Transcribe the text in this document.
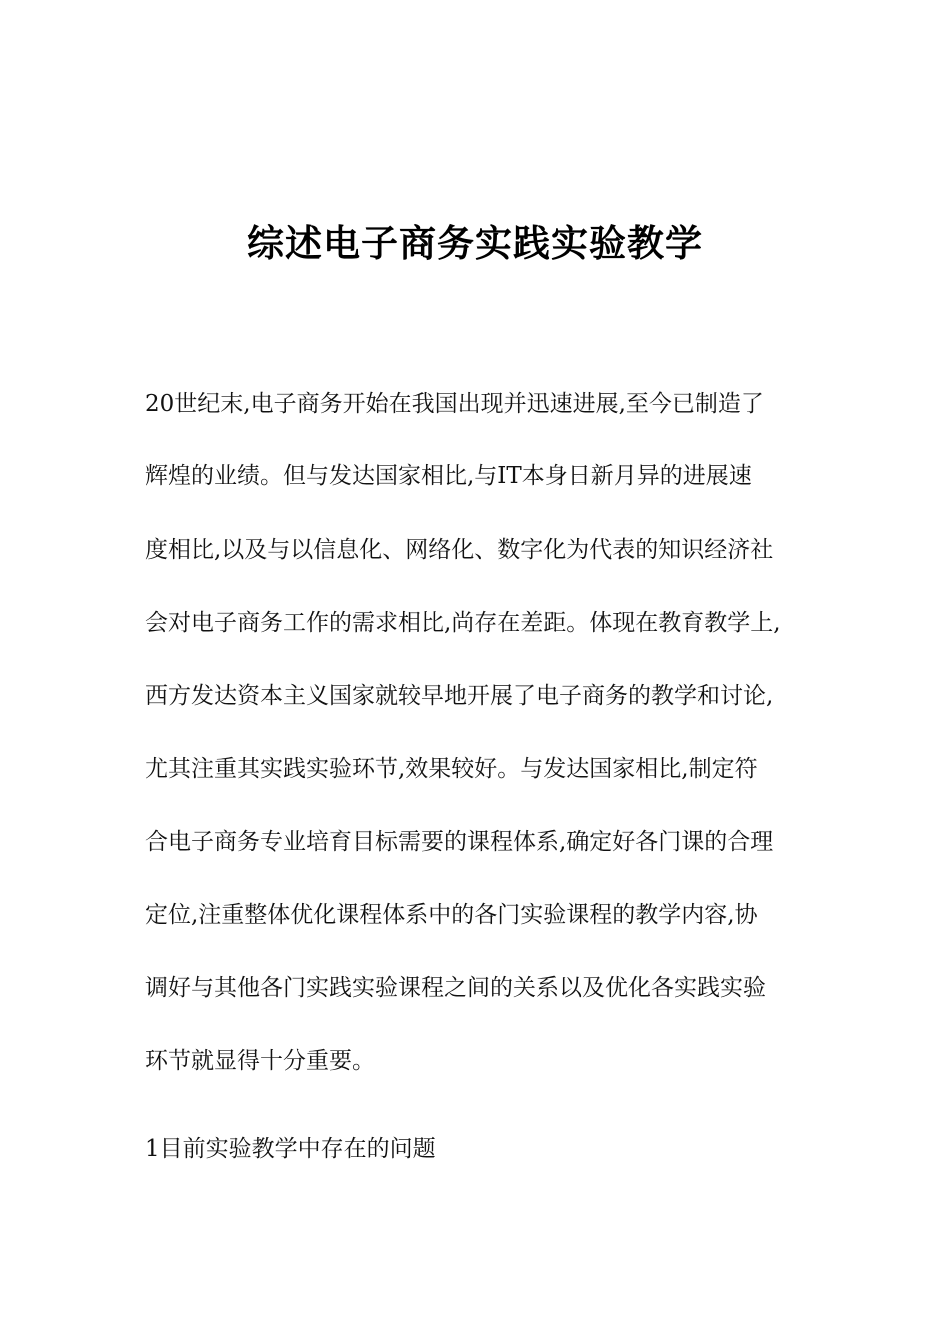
综述电子商务实践实验教学
20世纪末,电子商务开始在我国出现并迅速进展,至今已制造了
辉煌的业绩。但与发达国家相比,与IT本身日新月异的进展速
度相比,以及与以信息化、网络化、数字化为代表的知识经济社
会对电子商务工作的需求相比,尚存在差距。体现在教育教学上,
西方发达资本主义国家就较早地开展了电子商务的教学和讨论,
尤其注重其实践实验环节,效果较好。与发达国家相比,制定符
合电子商务专业培育目标需要的课程体系,确定好各门课的合理
定位,注重整体优化课程体系中的各门实验课程的教学内容,协
调好与其他各门实践实验课程之间的关系以及优化各实践实验
环节就显得十分重要。
1目前实验教学中存在的问题
